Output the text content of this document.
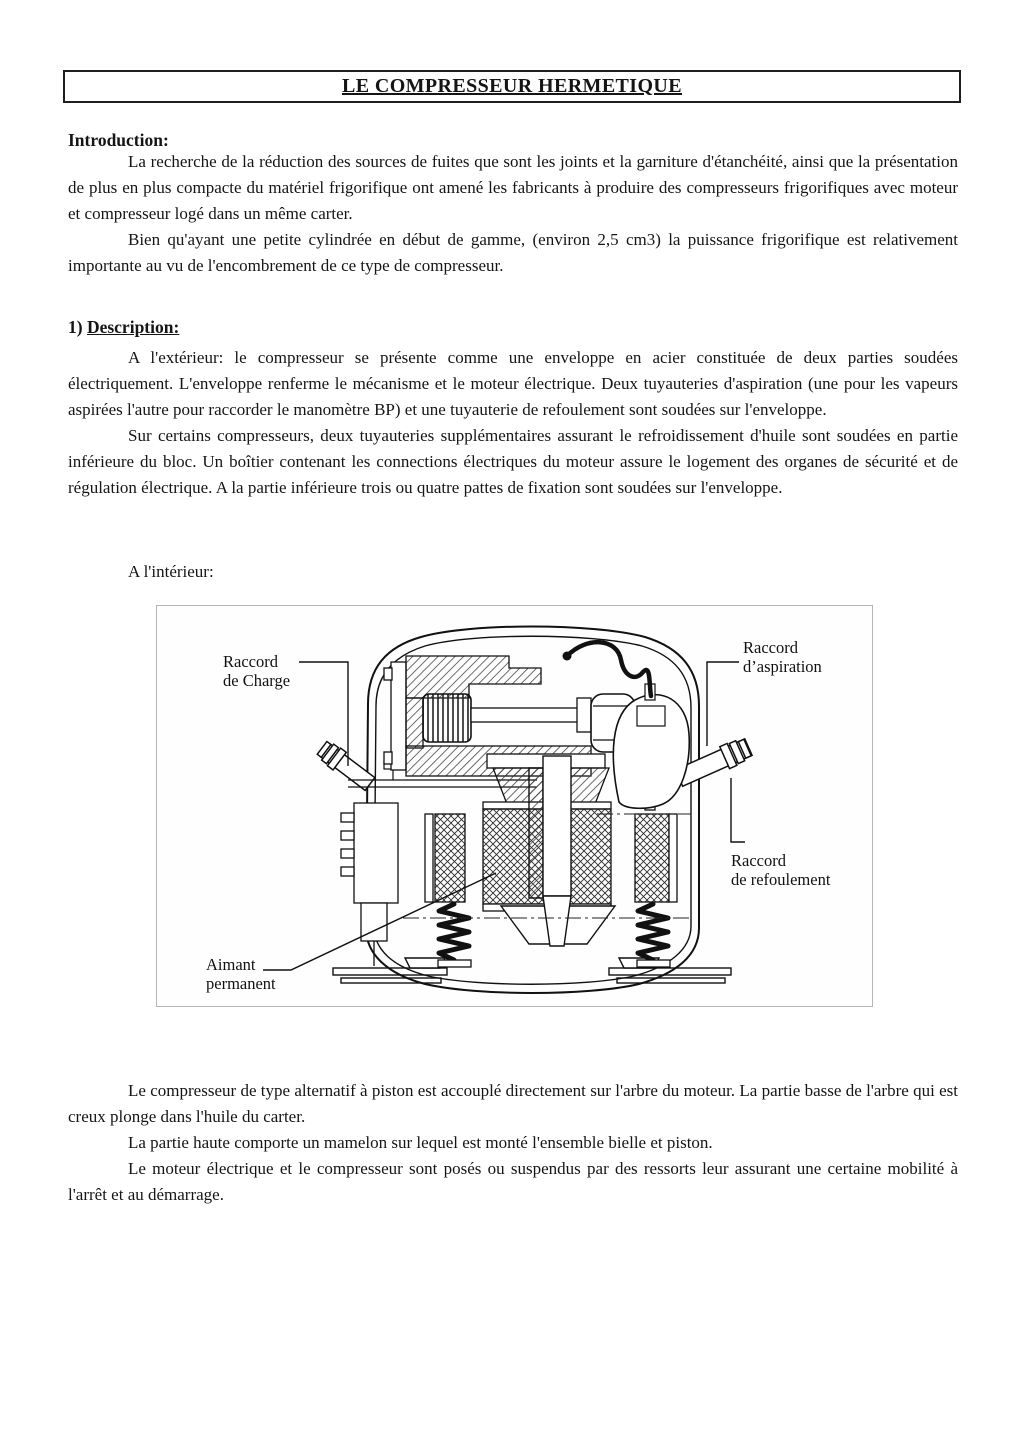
LE COMPRESSEUR HERMETIQUE
Introduction:

La recherche de la réduction des sources de fuites que sont les joints et la garniture d'étanchéité, ainsi que la présentation de plus en plus compacte du matériel frigorifique ont amené les fabricants à produire des compresseurs frigorifiques avec moteur et compresseur logé dans un même carter.

Bien qu'ayant une petite cylindrée en début de gamme, (environ 2,5 cm3) la puissance frigorifique est relativement importante au vu de l'encombrement de ce type de compresseur.

1) Description:

A l'extérieur: le compresseur se présente comme une enveloppe en acier constituée de deux parties soudées électriquement. L'enveloppe renferme le mécanisme et le moteur électrique. Deux tuyauteries d'aspiration (une pour les vapeurs aspirées l'autre pour raccorder le manomètre BP) et une tuyauterie de refoulement sont soudées sur l'enveloppe.

Sur certains compresseurs, deux tuyauteries supplémentaires assurant le refroidissement d'huile sont soudées en partie inférieure du bloc. Un boîtier contenant les connections électriques du moteur assure le logement des organes de sécurité et de régulation électrique. A la partie inférieure trois ou quatre pattes de fixation sont soudées sur l'enveloppe.

A l'intérieur:
Raccord
de Charge
Raccord
d’aspiration
Raccord
de refoulement
Aimant
permanent

Le compresseur de type alternatif à piston est accouplé directement sur l'arbre du moteur. La partie basse de l'arbre qui est creux plonge dans l'huile du carter.

La partie haute comporte un mamelon sur lequel est monté l'ensemble bielle et piston.

Le moteur électrique et le compresseur sont posés ou suspendus par des ressorts leur assurant une certaine mobilité à l'arrêt et au démarrage.
